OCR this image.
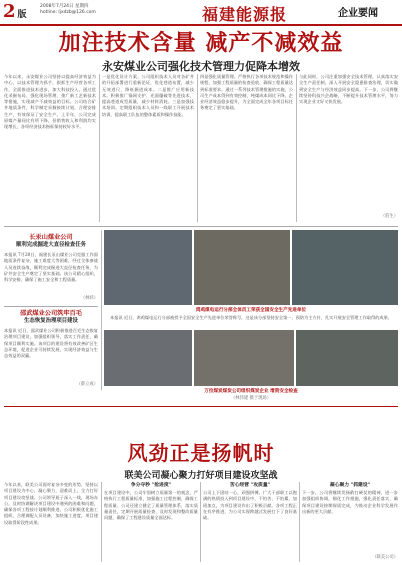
2 版
2008年7月24日 星期四
hotline: ljxdzb@126.com	福建能源报	企业要闻
加注技术含量 减产不减效益
永安煤业公司强化技术管理力促降本增效
今年以来，永安煤业公司坚持以提高经济效益为中心，以技术管理为抓手，狠抓生产经营各项工作，全面推进技术进步，加大科技投入，通过优化采掘布局、强化现场管理、推广新工艺新技术等措施，实现减产不减效益的目标。公司结合矿井地质条件，科学制定采掘接续计划，合理安排生产，有效保证了安全生产。上半年，公司完成原煤产量同比有所下降，但销售收入和利润均实现增长，各项经济技术指标保持较好水平。
一是优化设计方案。公司组织技术人员对各矿井的开拓部署进行重新论证，优化巷道布置，减少无效进尺，降低掘进成本。二是推广应用新技术。积极推广锚网支护、光面爆破等先进技术，提高巷道成型质量，减少材料消耗。三是加强技术培训。定期组织技术人员和一线职工开展技术培训，提高职工队伍的整体素质和操作技能。
四是强化质量管理。严格执行各项技术规范和操作规程，加强工程质量的检查验收，确保工程质量达到标准要求。通过一系列技术管理措施的实施，公司生产成本得到有效控制，吨煤成本同比下降，企业经济效益稳步提升，为全面完成全年各项目标任务奠定了坚实基础。
与此同时，公司注重加强安全技术管理，认真落实安全生产责任制，深入开展安全隐患排查治理，切实做到安全生产与经济效益同步提高。下一步，公司将继续坚持科技兴企战略，不断提升技术管理水平，努力实现企业又好又快发展。
（伯生）
长汞山煤业公司
顺利完成掘进大直径检查任务
本报讯 7月20日，福建长汞山煤业公司克服工作面地质条件复杂、施工难度大等困难，经过全体参战人员连续奋战，顺利完成掘进大直径检查任务，为矿井安全生产奠定了坚实基础。该公司精心组织，科学安排，确保了施工安全和工程质量。
（林炜）
邵武煤业公司筑牢百毛
生态恢复治理项目建设
本报讯 近日，邵武煤业公司积极推进百毛生态恢复治理项目建设，加强组织领导，落实工作责任，确保项目顺利实施。该项目的建设将有效改善矿区生态环境，促进企业可持续发展，实现经济效益与生态效益的双赢。
（蔡立成）
鸿鸡煤电运行分部全体员工荣获全国安全生产先进单位
本报讯 近日，鸿鸡煤电运行分部被授予全国安全生产先进单位荣誉称号，这是该分部坚持安全第一、预防为主方针，扎实开展安全管理工作取得的成果。
万拉煤炭煤炭公司组织煤炭企业 增资安全检查
（林伟建 摄于现场）
风劲正是扬帆时
联美公司凝心聚力打好项目建设攻坚战
今年以来，联美公司面对复杂多变的形势，坚持以项目建设为中心，凝心聚力，迎难而上，全力打好项目建设攻坚战。公司领导班子深入一线，现场办公，及时协调解决项目建设中遇到的困难和问题，确保各项工程按计划顺利推进。公司积极优化施工组织，合理调配人员设备，加快施工进度，项目建设取得阶段性成果。
争分夺秒 "抢进度"
在项目建设中，公司牢固树立质量第一的观念，严格执行工程质量标准，加强施工过程控制，确保工程质量。公司还建立健全了质量管理体系，落实质量责任，定期开展质量检查，及时发现和整改质量问题，确保了工程建设质量全面达标。
苦心经营 "攻质量"
公司上下团结一心，顽强拼搏，广大干部职工以饱满的热情投入到项目建设中，不怕苦、不怕累，加班加点，为项目建设作出了积极贡献。各项工程正在有序推进，为公司实现跨越式发展打下了良好基础。
凝心聚力 "抓建设"
下一步，公司将继续发扬敢打硬仗的精神，进一步加强组织协调，细化工作措施，强化责任落实，确保项目建设按期保质完成，为推动企业科学发展作出新的更大贡献。
（联美公司）
